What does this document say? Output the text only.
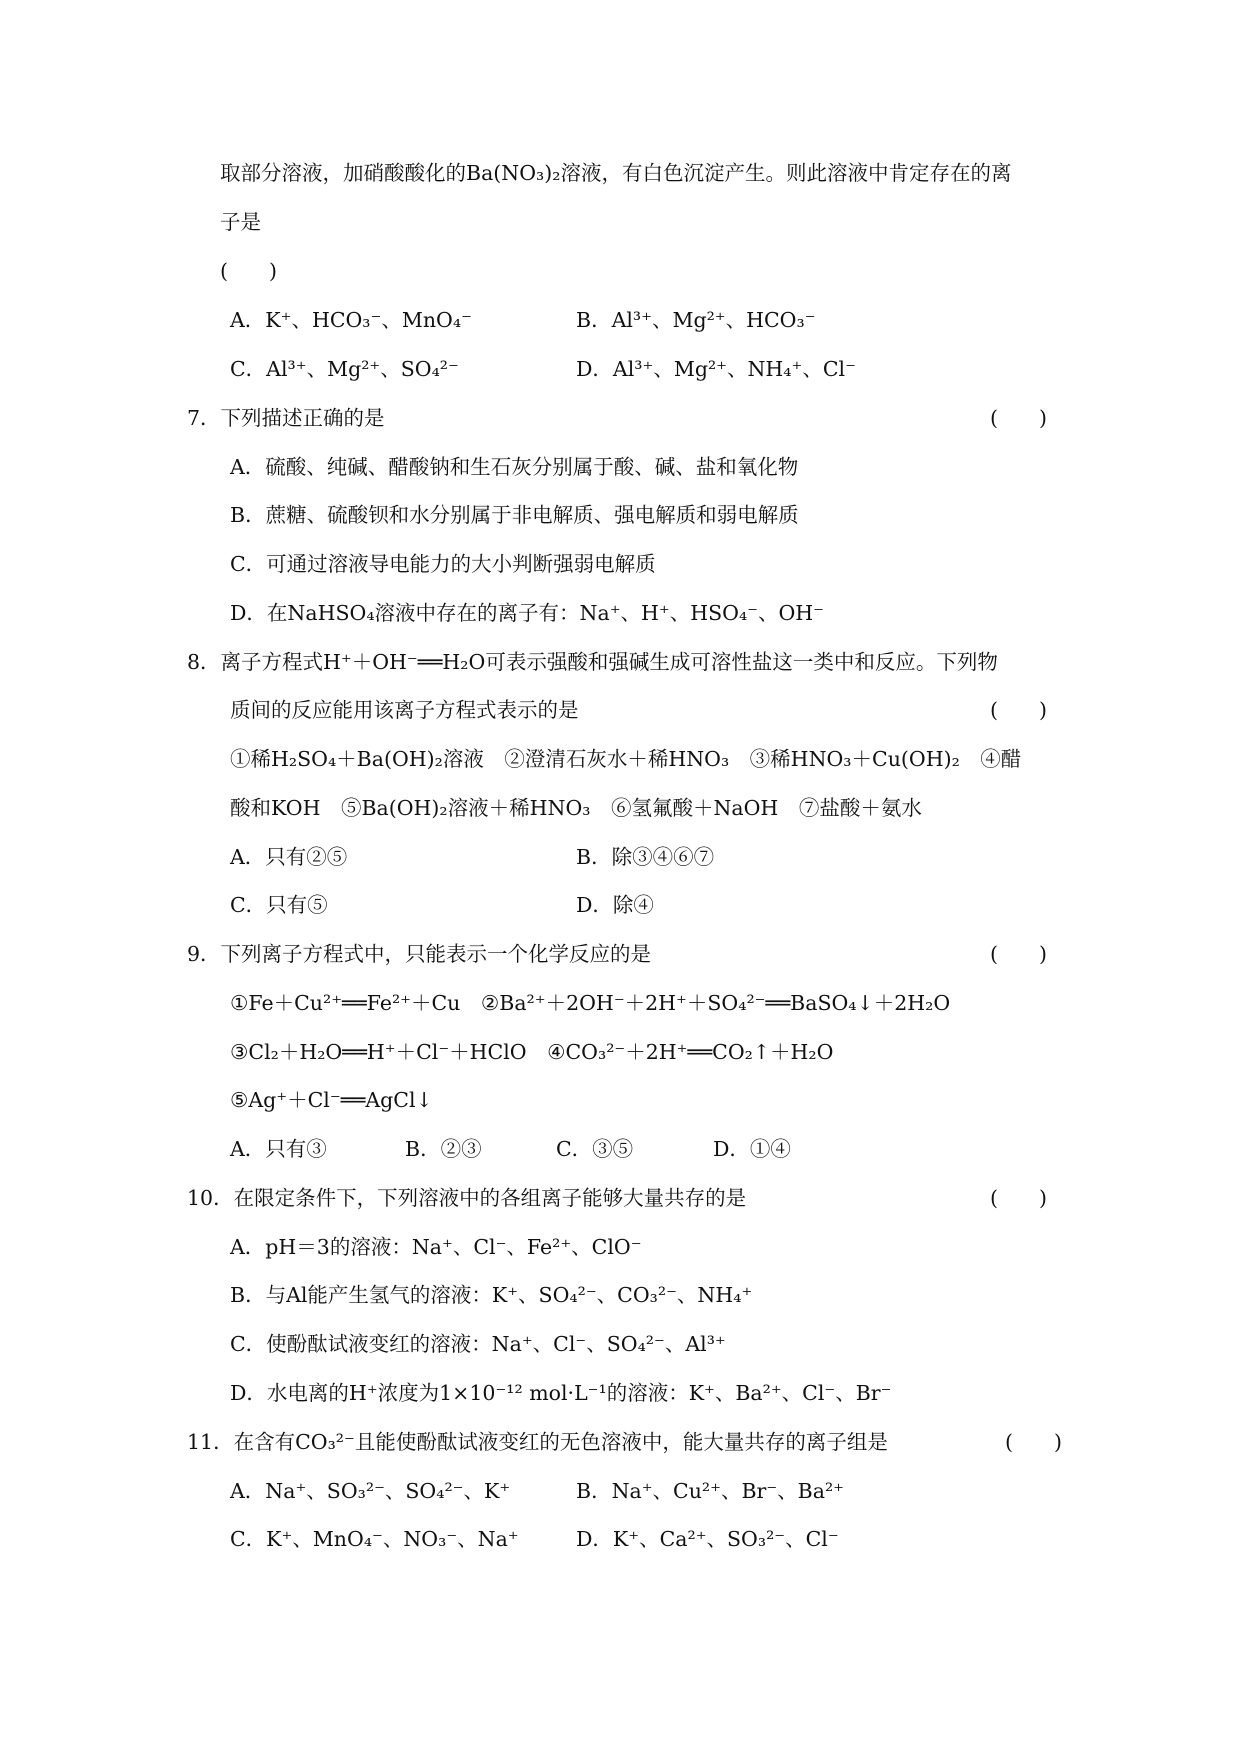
取部分溶液，加硝酸酸化的Ba(NO₃)₂溶液，有白色沉淀产生。则此溶液中肯定存在的离
子是
(　　)
A．K⁺、HCO₃⁻、MnO₄⁻	B．Al³⁺、Mg²⁺、HCO₃⁻
C．Al³⁺、Mg²⁺、SO₄²⁻	D．Al³⁺、Mg²⁺、NH₄⁺、Cl⁻
7．下列描述正确的是	(　　)
A．硫酸、纯碱、醋酸钠和生石灰分别属于酸、碱、盐和氧化物
B．蔗糖、硫酸钡和水分别属于非电解质、强电解质和弱电解质
C．可通过溶液导电能力的大小判断强弱电解质
D．在NaHSO₄溶液中存在的离子有：Na⁺、H⁺、HSO₄⁻、OH⁻
8．离子方程式H⁺＋OH⁻══H₂O可表示强酸和强碱生成可溶性盐这一类中和反应。下列物
质间的反应能用该离子方程式表示的是	(　　)
①稀H₂SO₄＋Ba(OH)₂溶液　②澄清石灰水＋稀HNO₃　③稀HNO₃＋Cu(OH)₂　④醋
酸和KOH　⑤Ba(OH)₂溶液＋稀HNO₃　⑥氢氟酸＋NaOH　⑦盐酸＋氨水
A．只有②⑤	B．除③④⑥⑦
C．只有⑤	D．除④
9．下列离子方程式中，只能表示一个化学反应的是	(　　)
①Fe＋Cu²⁺══Fe²⁺＋Cu　②Ba²⁺＋2OH⁻＋2H⁺＋SO₄²⁻══BaSO₄↓＋2H₂O
③Cl₂＋H₂O══H⁺＋Cl⁻＋HClO　④CO₃²⁻＋2H⁺══CO₂↑＋H₂O
⑤Ag⁺＋Cl⁻══AgCl↓
A．只有③	B．②③	C．③⑤	D．①④
10．在限定条件下，下列溶液中的各组离子能够大量共存的是	(　　)
A．pH＝3的溶液：Na⁺、Cl⁻、Fe²⁺、ClO⁻
B．与Al能产生氢气的溶液：K⁺、SO₄²⁻、CO₃²⁻、NH₄⁺
C．使酚酞试液变红的溶液：Na⁺、Cl⁻、SO₄²⁻、Al³⁺
D．水电离的H⁺浓度为1×10⁻¹² mol·L⁻¹的溶液：K⁺、Ba²⁺、Cl⁻、Br⁻
11．在含有CO₃²⁻且能使酚酞试液变红的无色溶液中，能大量共存的离子组是	(　　)
A．Na⁺、SO₃²⁻、SO₄²⁻、K⁺	B．Na⁺、Cu²⁺、Br⁻、Ba²⁺
C．K⁺、MnO₄⁻、NO₃⁻、Na⁺	D．K⁺、Ca²⁺、SO₃²⁻、Cl⁻
